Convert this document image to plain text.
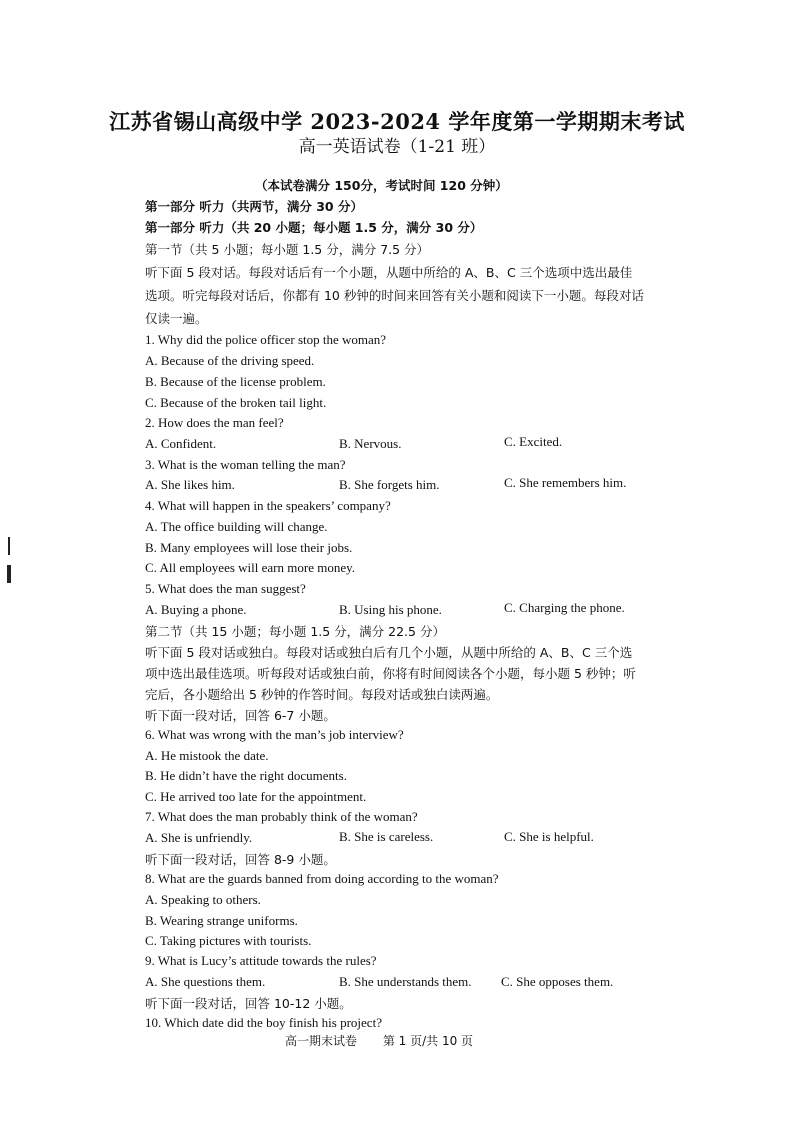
江苏省锡山高级中学 2023-2024 学年度第一学期期末考试
高一英语试卷（1-21 班）
（本试卷满分 150分，考试时间 120 分钟）
第一部分 听力（共两节，满分 30 分）
第一部分 听力（共 20 小题；每小题 1.5 分，满分 30 分）
第一节（共 5 小题；每小题 1.5 分，满分 7.5 分）
听下面 5 段对话。每段对话后有一个小题，从题中所给的 A、B、C 三个选项中选出最佳
选项。听完每段对话后，你都有 10 秒钟的时间来回答有关小题和阅读下一小题。每段对话
仅读一遍。
1. Why did the police officer stop the woman?
A. Because of the driving speed.
B. Because of the license problem.
C. Because of the broken tail light.
2. How does the man feel?
A. Confident.	B. Nervous.	C. Excited.
3. What is the woman telling the man?
A. She likes him.	B. She forgets him.	C. She remembers him.
4. What will happen in the speakers’ company?
A. The office building will change.
B. Many employees will lose their jobs.
C. All employees will earn more money.
5. What does the man suggest?
A. Buying a phone.	B. Using his phone.	C. Charging the phone.
第二节（共 15 小题；每小题 1.5 分，满分 22.5 分）
听下面 5 段对话或独白。每段对话或独白后有几个小题，从题中所给的 A、B、C 三个选
项中选出最佳选项。听每段对话或独白前，你将有时间阅读各个小题，每小题 5 秒钟；听
完后，各小题给出 5 秒钟的作答时间。每段对话或独白读两遍。
听下面一段对话，回答 6-7 小题。
6. What was wrong with the man’s job interview?
A. He mistook the date.
B. He didn’t have the right documents.
C. He arrived too late for the appointment.
7. What does the man probably think of the woman?
A. She is unfriendly.	B. She is careless.	C. She is helpful.
听下面一段对话，回答 8-9 小题。
8. What are the guards banned from doing according to the woman?
A. Speaking to others.
B. Wearing strange uniforms.
C. Taking pictures with tourists.
9. What is Lucy’s attitude towards the rules?
A. She questions them.	B. She understands them. C. She opposes them.
听下面一段对话，回答 10-12 小题。
10. Which date did the boy finish his project?
高一期末试卷 第 1 页/共 10 页
